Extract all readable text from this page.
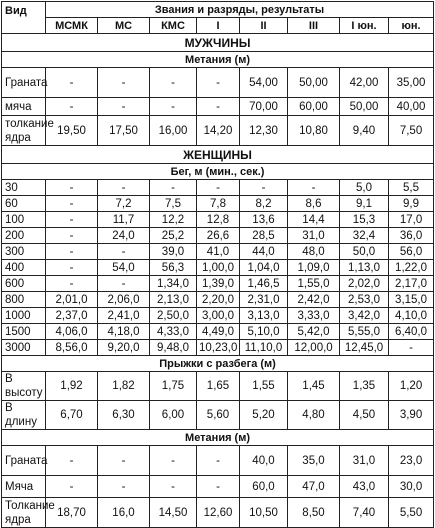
Вид	Звания и разряды, результаты							
	МСМК	МС	КМС	I	II	III	I юн.	юн.
МУЖЧИНЫ								
Метания (м)								
Граната	-	-	-	-	54,00	50,00	42,00	35,00
мяча	-	-	-	-	70,00	60,00	50,00	40,00
толкание ядра	19,50	17,50	16,00	14,20	12,30	10,80	9,40	7,50
ЖЕНЩИНЫ								
Бег, м (мин., сек.)								
30	-	-	-	-	-	-	5,0	5,5
60	-	7,2	7,5	7,8	8,2	8,6	9,1	9,9
100	-	11,7	12,2	12,8	13,6	14,4	15,3	17,0
200	-	24,0	25,2	26,6	28,5	31,0	32,4	36,0
300	-	-	39,0	41,0	44,0	48,0	50,0	56,0
400	-	54,0	56,3	1,00,0	1,04,0	1,09,0	1,13,0	1,22,0
600	-	-	1,34,0	1,39,0	1,46,5	1,55,0	2,02,0	2,17,0
800	2,01,0	2,06,0	2,13,0	2,20,0	2,31,0	2,42,0	2,53,0	3,15,0
1000	2,37,0	2,41,0	2,50,0	3,00,0	3,13,0	3,33,0	3,42,0	4,10,0
1500	4,06,0	4,18,0	4,33,0	4,49,0	5,10,0	5,42,0	5,55,0	6,40,0
3000	8,56,0	9,20,0	9,48,0	10,23,0	11,10,0	12,00,0	12,45,0	-
Прыжки с разбега (м)								
В высоту	1,92	1,82	1,75	1,65	1,55	1,45	1,35	1,20
В длину	6,70	6,30	6,00	5,60	5,20	4,80	4,50	3,90
Метания (м)								
Граната	-	-	-	-	40,0	35,0	31,0	23,0
Мяча	-	-	-	-	60,0	47,0	43,0	30,0
Толкание ядра	18,70	16,0	14,50	12,60	10,50	8,50	7,40	5,50
